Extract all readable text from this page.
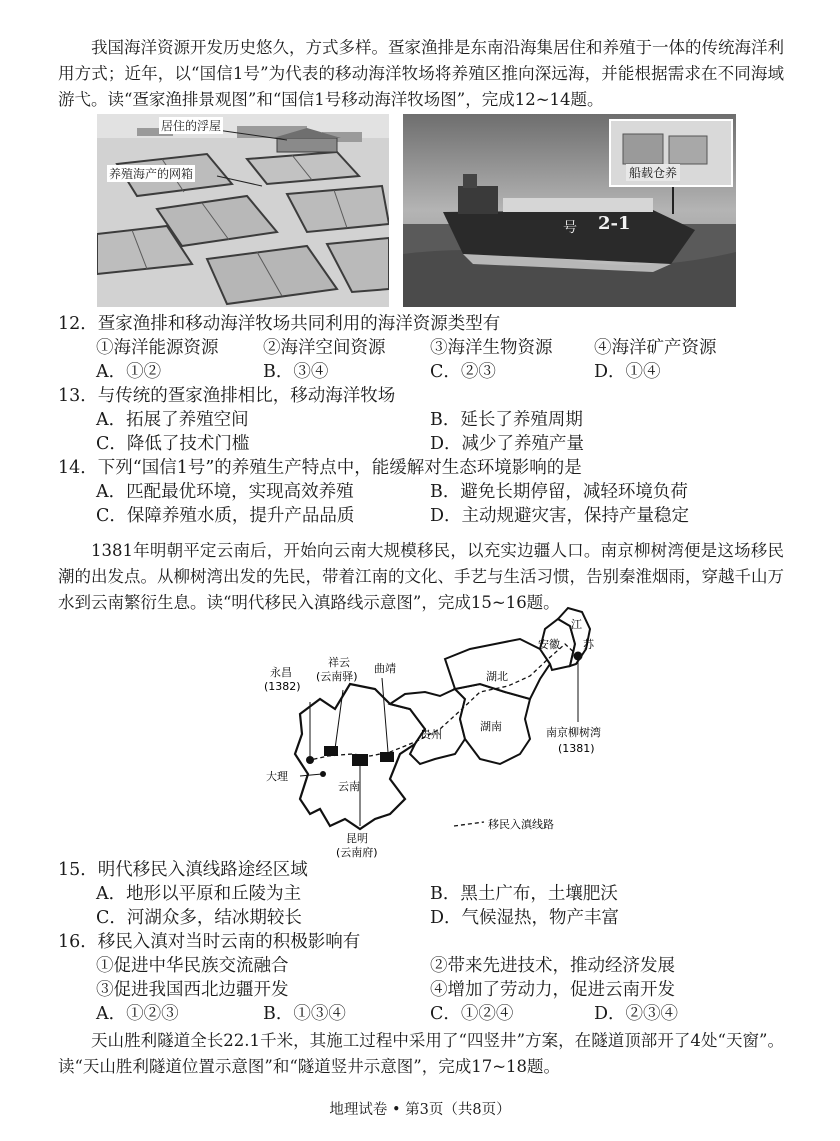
我国海洋资源开发历史悠久，方式多样。疍家渔排是东南沿海集居住和养殖于一体的传统海洋利用方式；近年，以“国信1号”为代表的移动海洋牧场将养殖区推向深远海，并能根据需求在不同海域游弋。读“疍家渔排景观图”和“国信1号移动海洋牧场图”，完成12~14题。

居住的浮屋
养殖海产的网箱
号 2-1
船载仓养
12．疍家渔排和移动海洋牧场共同利用的海洋资源类型有
①海洋能源资源	②海洋空间资源	③海洋生物资源 ④海洋矿产资源
A．①②	B．③④	C．②③	D．①④
13．与传统的疍家渔排相比，移动海洋牧场
A．拓展了养殖空间	B．延长了养殖周期
C．降低了技术门槛	D．减少了养殖产量
14．下列“国信1号”的养殖生产特点中，能缓解对生态环境影响的是
A．匹配最优环境，实现高效养殖	B．避免长期停留，减轻环境负荷
C．保障养殖水质，提升产品品质	D．主动规避灾害，保持产量稳定

1381年明朝平定云南后，开始向云南大规模移民，以充实边疆人口。南京柳树湾便是这场移民潮的出发点。从柳树湾出发的先民，带着江南的文化、手艺与生活习惯，告别秦淮烟雨，穿越千山万水到云南繁衍生息。读“明代移民入滇路线示意图”，完成15~16题。

永昌
(1382)
祥云
(云南驿)
曲靖
大理
云南
贵州
湖南
湖北
安徽
江
苏
南京柳树湾
(1381)
昆明
(云南府)
移民入滇线路
15．明代移民入滇线路途经区域
A．地形以平原和丘陵为主	B．黑土广布，土壤肥沃
C．河湖众多，结冰期较长	D．气候湿热，物产丰富
16．移民入滇对当时云南的积极影响有
①促进中华民族交流融合	②带来先进技术，推动经济发展
③促进我国西北边疆开发	④增加了劳动力，促进云南开发
A．①②③	B．①③④	C．①②④	D．②③④

天山胜利隧道全长22.1千米，其施工过程中采用了“四竖井”方案，在隧道顶部开了4处“天窗”。读“天山胜利隧道位置示意图”和“隧道竖井示意图”，完成17~18题。

地理试卷 • 第3页（共8页）
